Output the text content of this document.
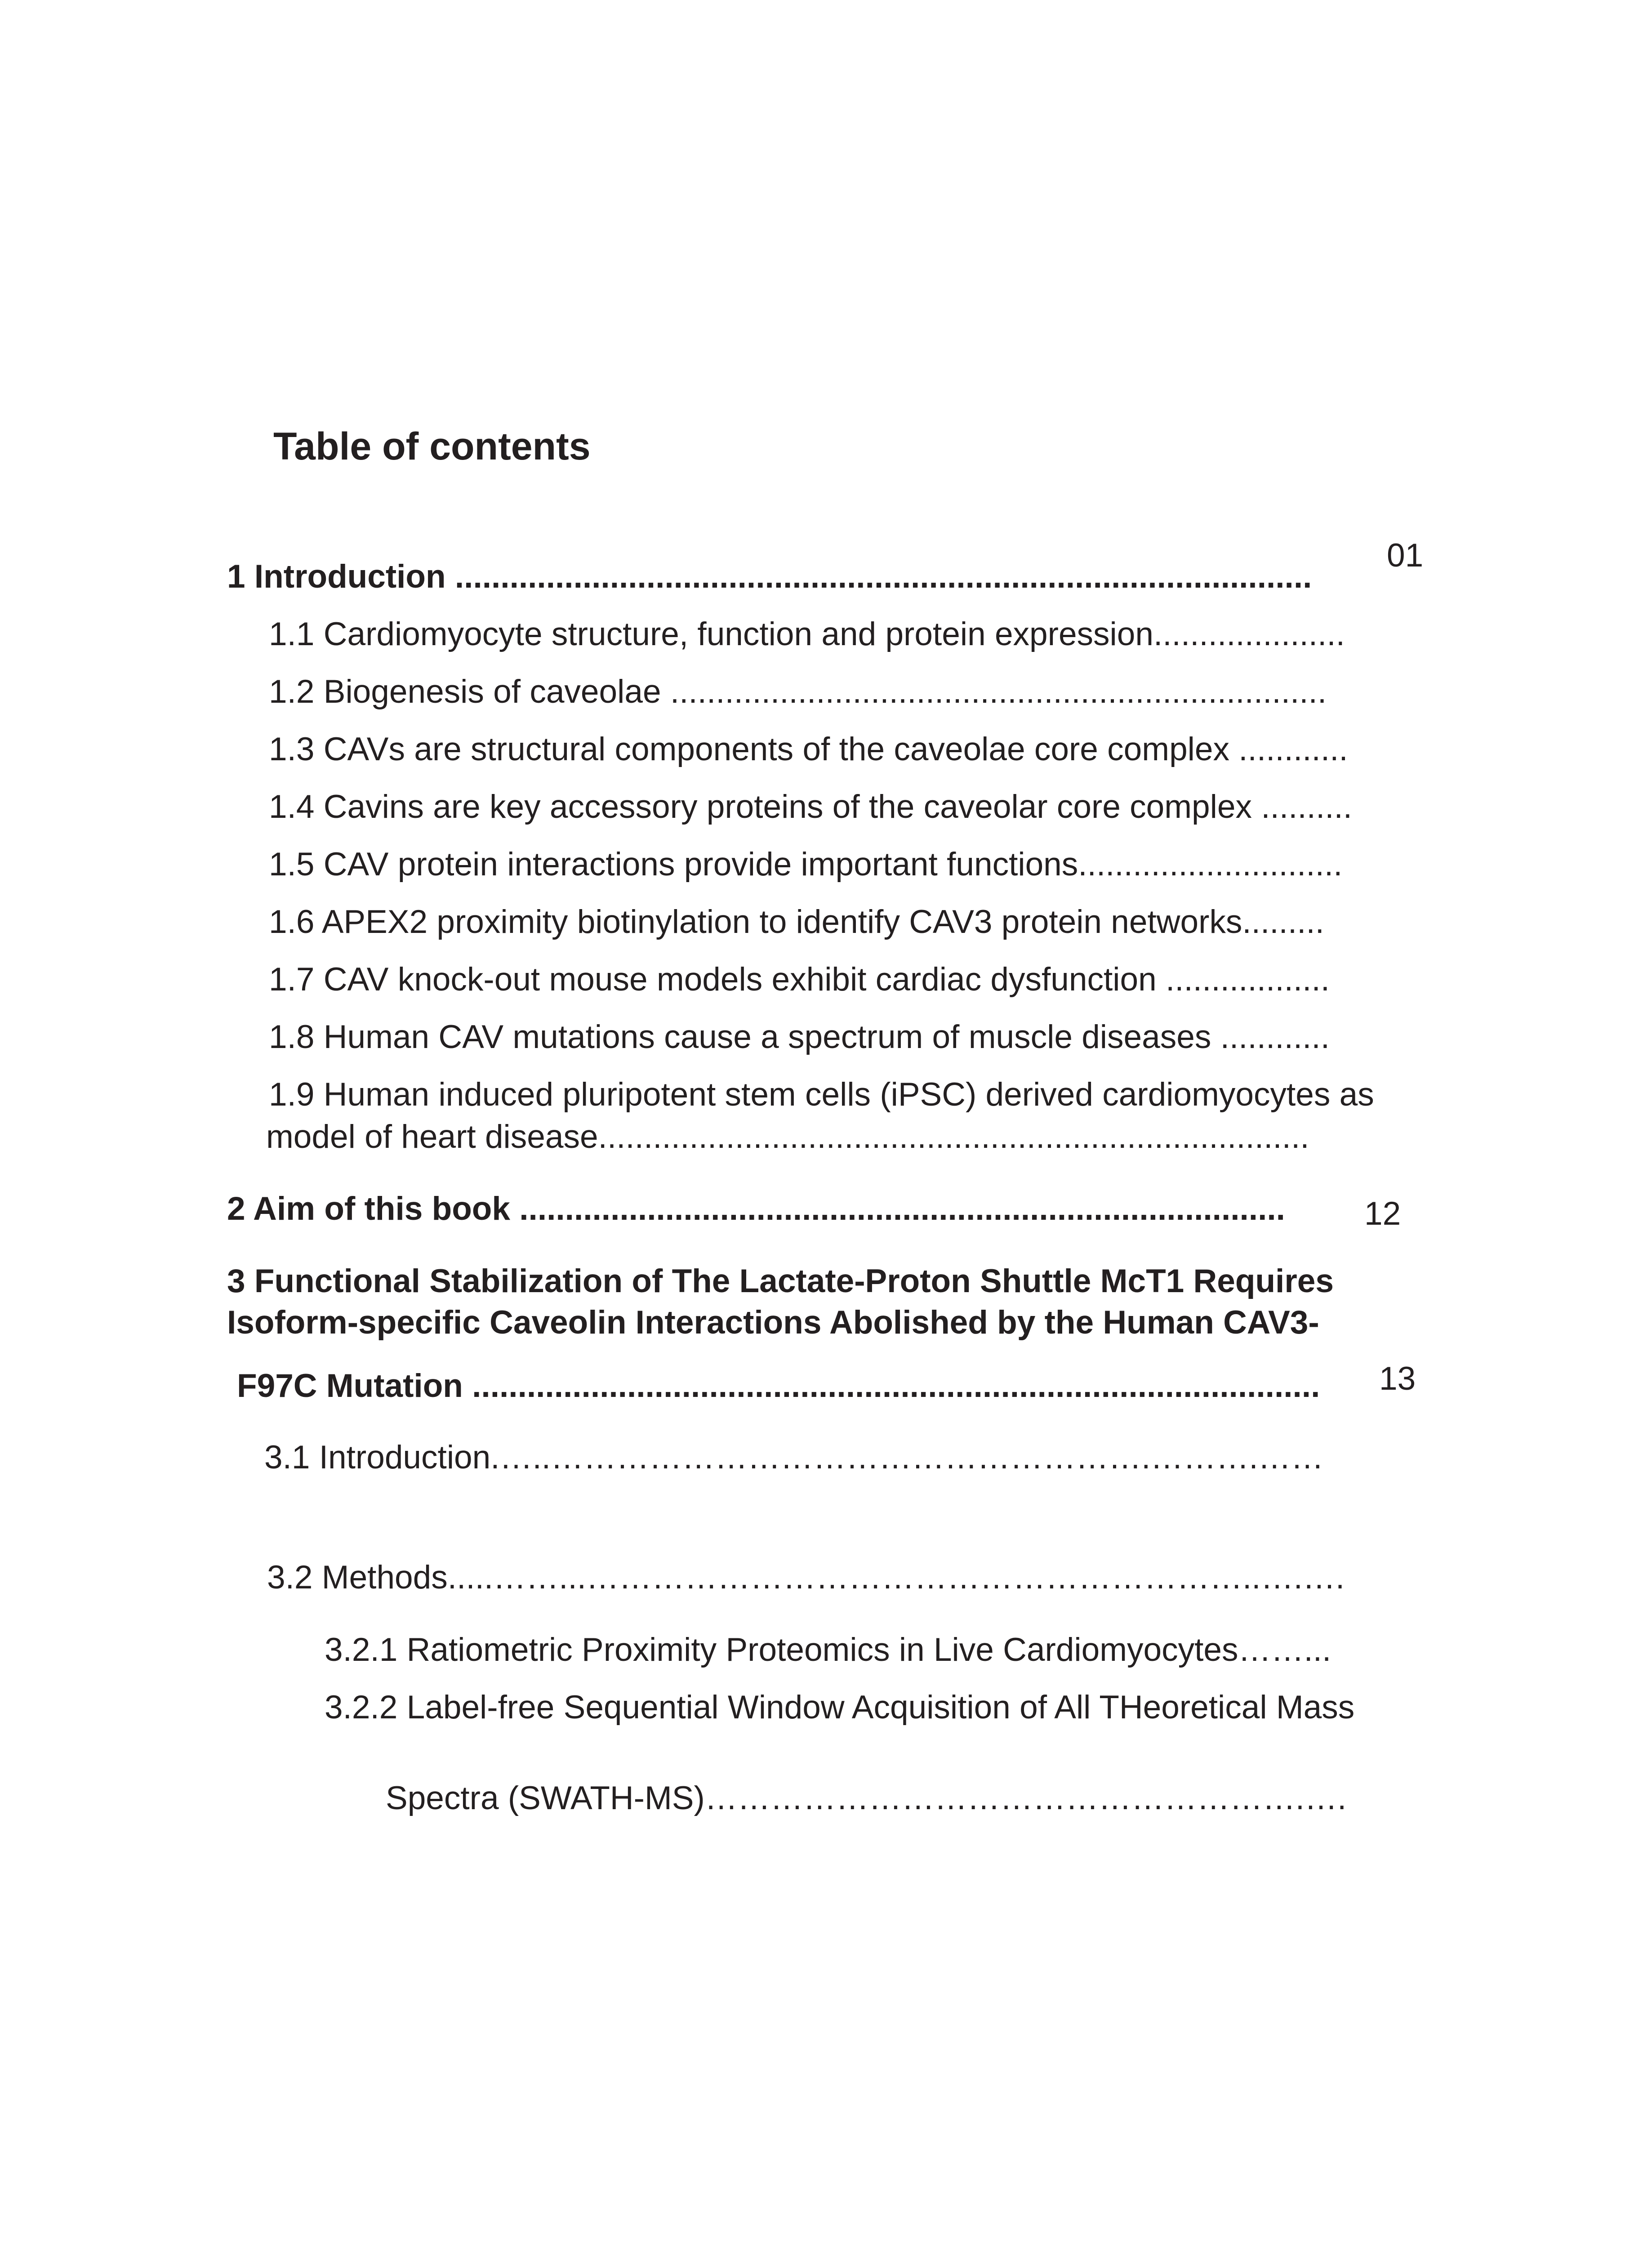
Table of contents
1 Introduction ..............................................................................................
01
1.1 Cardiomyocyte structure, function and protein expression.....................
1.2 Biogenesis of caveolae ........................................................................
1.3 CAVs are structural components of the caveolae core complex ............
1.4 Cavins are key accessory proteins of the caveolar core complex ..........
1.5 CAV protein interactions provide important functions.............................
1.6 APEX2 proximity biotinylation to identify CAV3 protein networks.........
1.7 CAV knock-out mouse models exhibit cardiac dysfunction ..................
1.8 Human CAV mutations cause a spectrum of muscle diseases ............
1.9 Human induced pluripotent stem cells (iPSC) derived cardiomyocytes as
model of heart disease..............................................................................
2 Aim of this book .................................................................................... 12
3 Functional Stabilization of The Lactate-Proton Shuttle McT1 Requires
Isoform-specific Caveolin Interactions Abolished by the Human CAV3-
F97C Mutation ............................................................................................. 13
3.1 Introduction.…..……………………………………………….……….……
3.2 Methods.....……...……………………………………………………..….….
3.2.1 Ratiometric Proximity Proteomics in Live Cardiomyocytes……...
3.2.2 Label-free Sequential Window Acquisition of All THeoretical Mass
Spectra (SWATH-MS)……………………………………………….….
